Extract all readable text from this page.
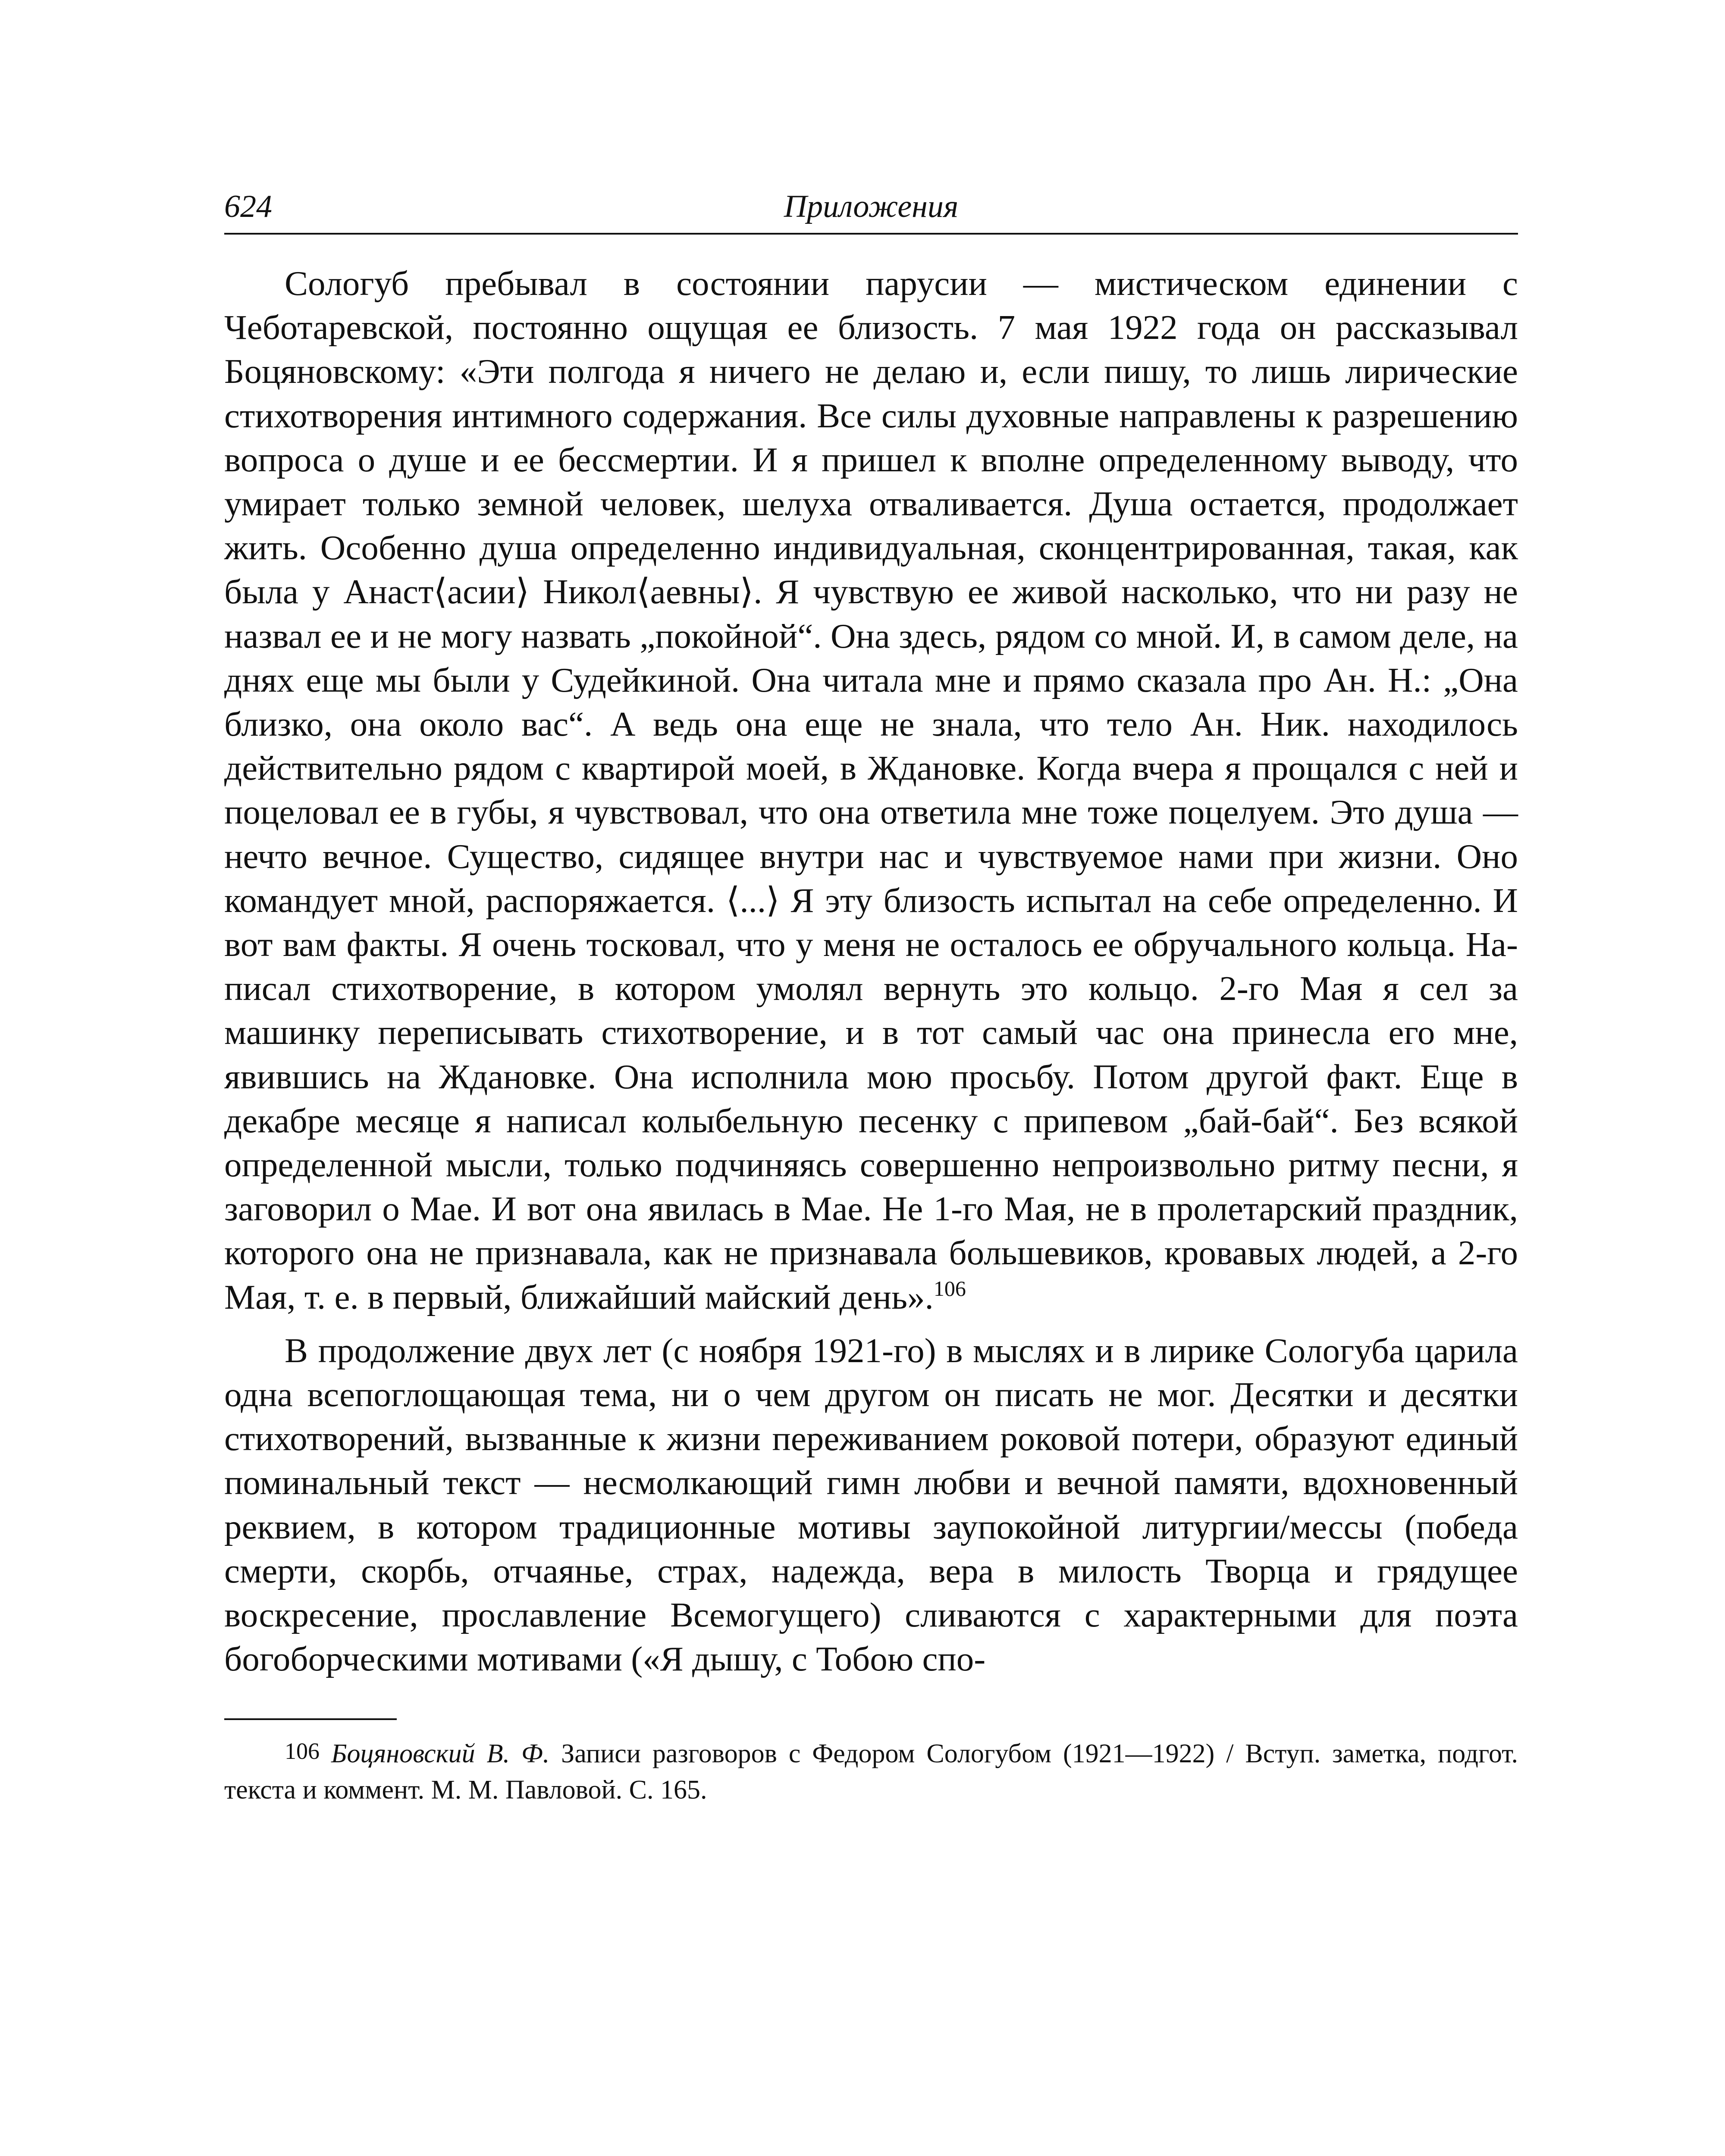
624	Приложения

Сологуб пребывал в состоянии парусии — мистическом единении с Чеботаревской, постоянно ощущая ее близость. 7 мая 1922 года он рассказывал Боцяновскому: «Эти полгода я ничего не делаю и, если пишу, то лишь лирические стихотворения интимного содержания. Все силы духовные направлены к разрешению вопроса о душе и ее бессмертии. И я пришел к вполне определенному выводу, что умирает только земной человек, шелуха отваливается. Душа остается, продолжает жить. Особенно душа определенно индивидуальная, сконцентрированная, такая, как была у Анаст⟨асии⟩ Никол⟨аевны⟩. Я чувствую ее живой насколько, что ни разу не назвал ее и не могу назвать „покойной“. Она здесь, рядом со мной. И, в самом деле, на днях еще мы были у Судейкиной. Она читала мне и прямо сказала про Ан. Н.: „Она близко, она около вас“. А ведь она еще не знала, что тело Ан. Ник. находилось действительно рядом с квартирой моей, в Ждановке. Когда вчера я прощался с ней и поцеловал ее в губы, я чувствовал, что она ответила мне тоже поцелуем. Это душа — нечто вечное. Существо, сидящее внутри нас и чувствуемое нами при жизни. Оно командует мной, распоряжается. ⟨...⟩ Я эту близость испытал на себе определенно. И вот вам факты. Я очень тосковал, что у меня не осталось ее обручального кольца. Написал стихотворение, в котором умолял вернуть это кольцо. 2-го Мая я сел за машинку переписывать стихотворение, и в тот самый час она принесла его мне, явившись на Ждановке. Она исполнила мою просьбу. Потом другой факт. Еще в декабре месяце я написал колыбельную песенку с припевом „бай-бай“. Без всякой определенной мысли, только подчиняясь совершенно непроизвольно ритму песни, я заговорил о Мае. И вот она явилась в Мае. Не 1-го Мая, не в пролетарский праздник, которого она не признавала, как не признавала большевиков, кровавых людей, а 2-го Мая, т. е. в первый, ближайший майский день».$^{106}$

В продолжение двух лет (с ноября 1921-го) в мыслях и в лирике Сологуба царила одна всепоглощающая тема, ни о чем другом он писать не мог. Десятки и десятки стихотворений, вызванные к жизни переживанием роковой потери, образуют единый поминальный текст — несмолкающий гимн любви и вечной памяти, вдохновенный реквием, в котором традиционные мотивы заупокойной литургии/мессы (победа смерти, скорбь, отчаянье, страх, надежда, вера в милость Творца и грядущее воскресение, прославление Всемогущего) сливаются с характерными для поэта богоборческими мотивами («Я дышу, с Тобою спо-

106 Боцяновский В. Ф. Записи разговоров с Федором Сологубом (1921—1922) / Вступ. заметка, подгот. текста и коммент. М. М. Павловой. С. 165.
